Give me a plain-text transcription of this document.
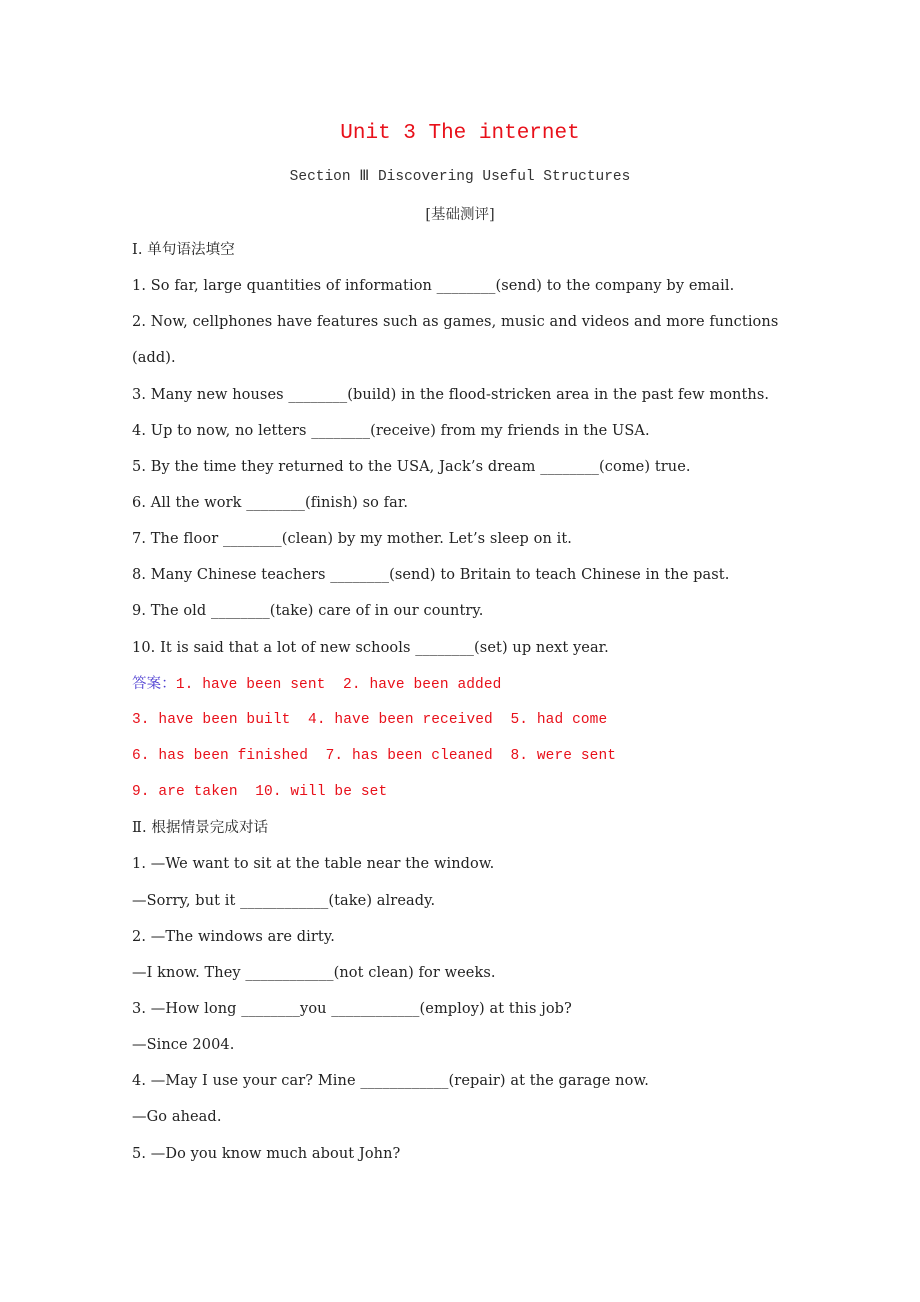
Unit 3 The internet
Section Ⅲ Discovering Useful Structures
[基础测评]
Ⅰ. 单句语法填空
1. So far, large quantities of information ________(send) to the company by email.
2. Now, cellphones have features such as games, music and videos and more functions
(add).
3. Many new houses ________(build) in the flood-stricken area in the past few months.
4. Up to now, no letters ________(receive) from my friends in the USA.
5. By the time they returned to the USA, Jack’s dream ________(come) true.
6. All the work ________(finish) so far.
7. The floor ________(clean) by my mother. Let’s sleep on it.
8. Many Chinese teachers ________(send) to Britain to teach Chinese in the past.
9. The old ________(take) care of in our country.
10. It is said that a lot of new schools ________(set) up next year.
答案：1. have been sent  2. have been added
3. have been built  4. have been received  5. had come
6. has been finished  7. has been cleaned  8. were sent
9. are taken  10. will be set
Ⅱ. 根据情景完成对话
1. —We want to sit at the table near the window.
—Sorry, but it ____________(take) already.
2. —The windows are dirty.
—I know. They ____________(not clean) for weeks.
3. —How long ________you ____________(employ) at this job?
—Since 2004.
4. —May I use your car? Mine ____________(repair) at the garage now.
—Go ahead.
5. —Do you know much about John?
